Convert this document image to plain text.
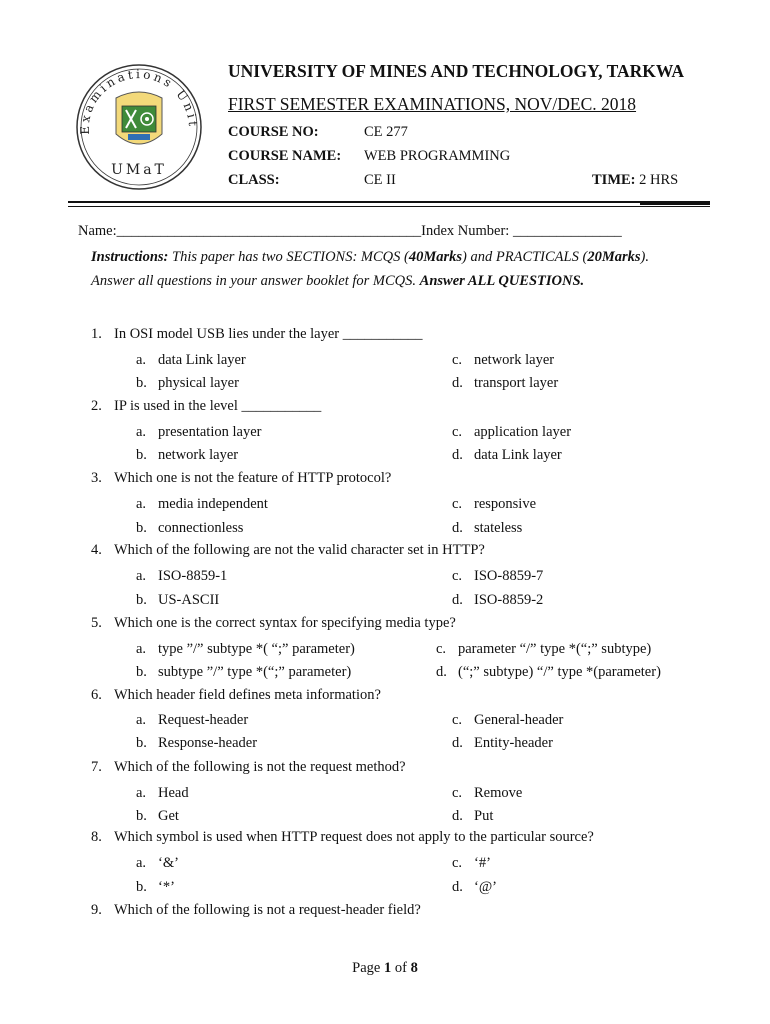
Examinations Unit
UMaT
UNIVERSITY OF MINES AND TECHNOLOGY, TARKWA
FIRST SEMESTER EXAMINATIONS, NOV/DEC. 2018
COURSE NO:	CE 277
COURSE NAME: WEB PROGRAMMING
CLASS:	CE II	TIME: 2 HRS
Name:__________________________________________Index Number: _______________
Instructions: This paper has two SECTIONS: MCQS (40Marks) and PRACTICALS (20Marks).
Answer all questions in your answer booklet for MCQS. Answer ALL QUESTIONS.
1. In OSI model USB lies under the layer ___________
a. data Link layer
b. physical layer
c. network layer
d. transport layer
2. IP is used in the level ___________
a. presentation layer
b. network layer
c. application layer
d. data Link layer
3. Which one is not the feature of HTTP protocol?
a. media independent
b. connectionless
c. responsive
d. stateless
4. Which of the following are not the valid character set in HTTP?
a. ISO-8859-1
b. US-ASCII
c. ISO-8859-7
d. ISO-8859-2
5. Which one is the correct syntax for specifying media type?
a. type ”/” subtype *( “;” parameter)
b. subtype ”/” type *(“;” parameter)
c. parameter “/” type *(“;” subtype)
d. (“;” subtype) “/” type *(parameter)
6. Which header field defines meta information?
a. Request-header
b. Response-header
c. General-header
d. Entity-header
7. Which of the following is not the request method?
a. Head
b. Get
c. Remove
d. Put
8. Which symbol is used when HTTP request does not apply to the particular source?
a. ‘&’
b. ‘*’
c. ‘#’
d. ‘@’
9. Which of the following is not a request-header field?
Page 1 of 8
